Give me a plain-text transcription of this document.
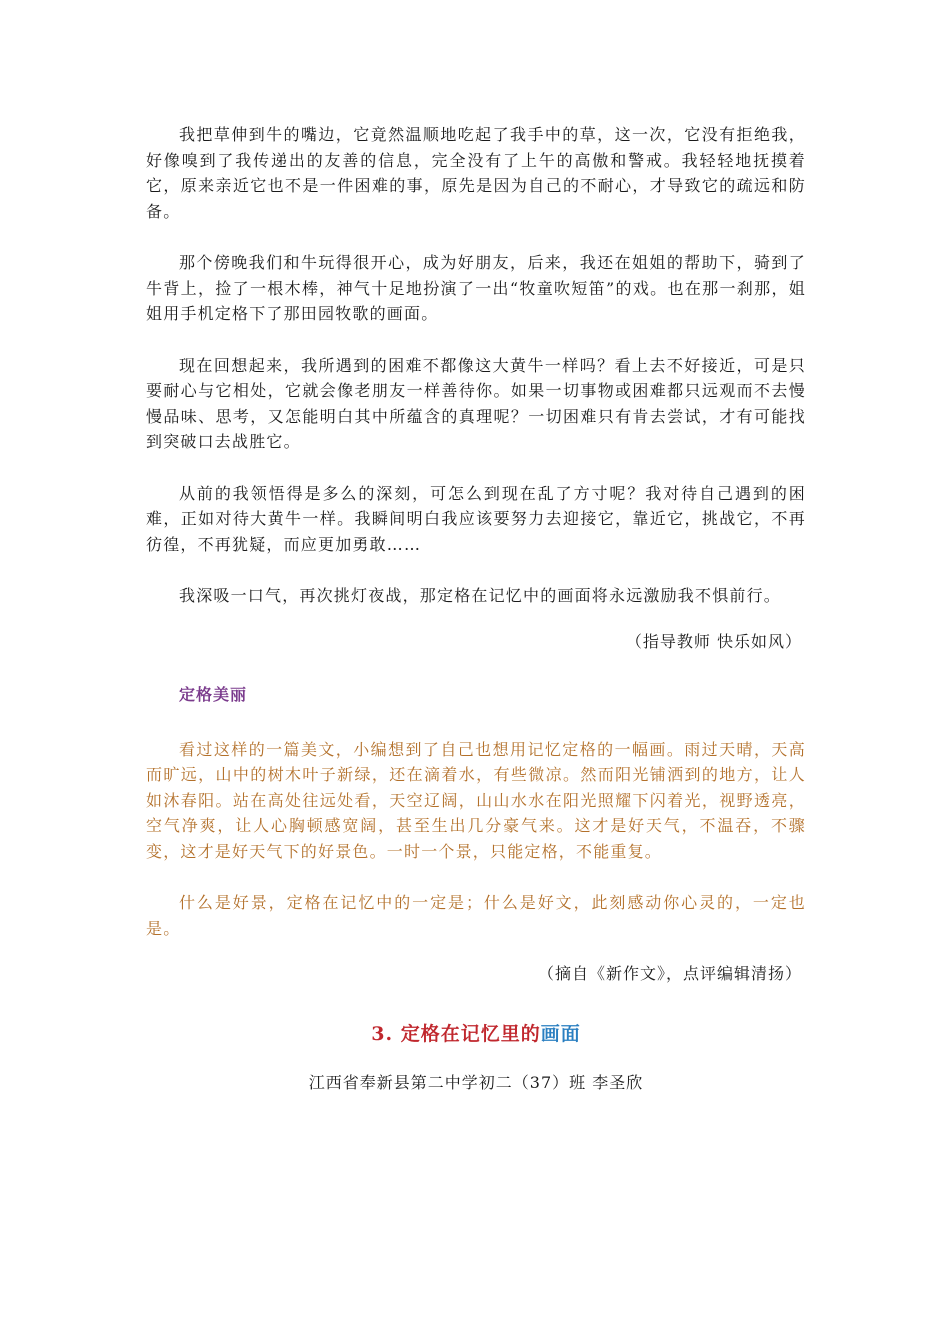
我把草伸到牛的嘴边，它竟然温顺地吃起了我手中的草，这一次，它没有拒绝我，好像嗅到了我传递出的友善的信息，完全没有了上午的高傲和警戒。我轻轻地抚摸着它，原来亲近它也不是一件困难的事，原先是因为自己的不耐心，才导致它的疏远和防备。

那个傍晚我们和牛玩得很开心，成为好朋友，后来，我还在姐姐的帮助下，骑到了牛背上，捡了一根木棒，神气十足地扮演了一出“牧童吹短笛”的戏。也在那一刹那，姐姐用手机定格下了那田园牧歌的画面。

现在回想起来，我所遇到的困难不都像这大黄牛一样吗？看上去不好接近，可是只要耐心与它相处，它就会像老朋友一样善待你。如果一切事物或困难都只远观而不去慢慢品味、思考，又怎能明白其中所蕴含的真理呢？一切困难只有肯去尝试，才有可能找到突破口去战胜它。

从前的我领悟得是多么的深刻，可怎么到现在乱了方寸呢？我对待自己遇到的困难，正如对待大黄牛一样。我瞬间明白我应该要努力去迎接它，靠近它，挑战它，不再彷徨，不再犹疑，而应更加勇敢……

我深吸一口气，再次挑灯夜战，那定格在记忆中的画面将永远激励我不惧前行。

（指导教师 快乐如风）

定格美丽

看过这样的一篇美文，小编想到了自己也想用记忆定格的一幅画。雨过天晴，天高而旷远，山中的树木叶子新绿，还在滴着水，有些微凉。然而阳光铺洒到的地方，让人如沐春阳。站在高处往远处看，天空辽阔，山山水水在阳光照耀下闪着光，视野透亮，空气净爽，让人心胸顿感宽阔，甚至生出几分豪气来。这才是好天气，不温吞，不骤变，这才是好天气下的好景色。一时一个景，只能定格，不能重复。

什么是好景，定格在记忆中的一定是；什么是好文，此刻感动你心灵的，一定也是。

（摘自《新作文》，点评编辑清扬）

3. 定格在记忆里的画面

江西省奉新县第二中学初二（37）班 李圣欣
